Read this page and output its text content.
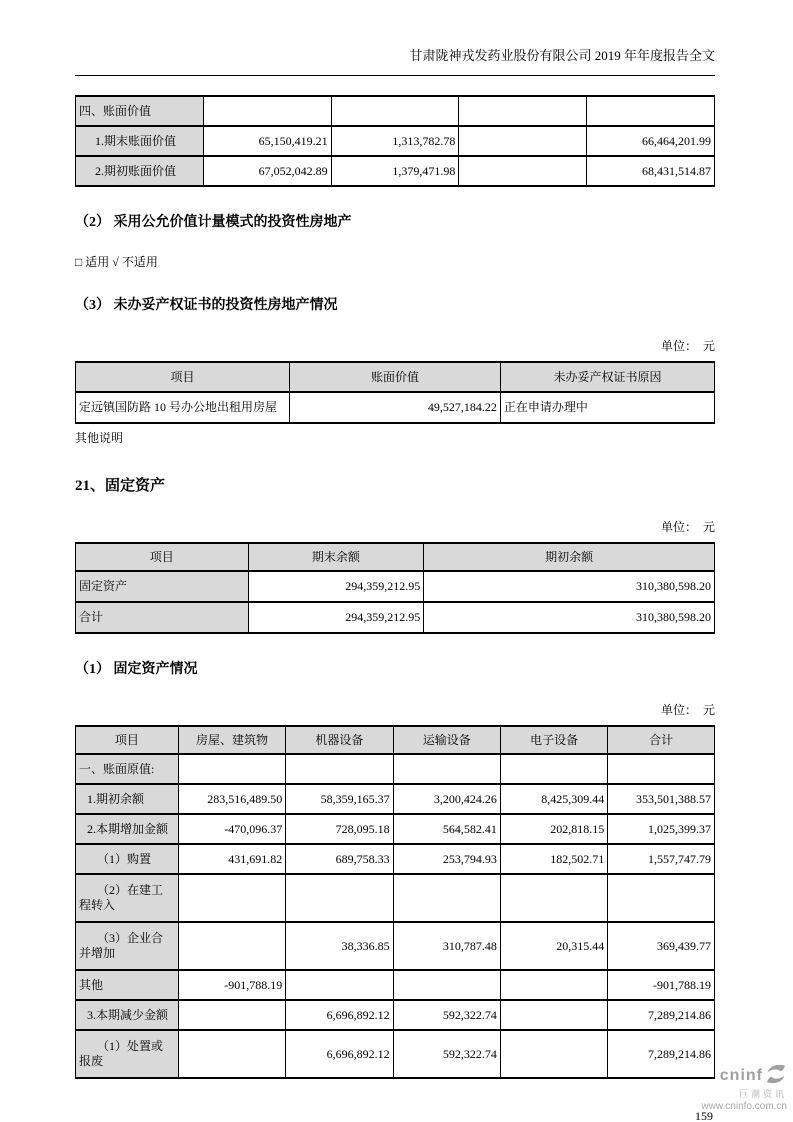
甘肃陇神戎发药业股份有限公司 2019 年年度报告全文
四、账面价值				
1.期末账面价值	65,150,419.21	1,313,782.78		66,464,201.99
2.期初账面价值	67,052,042.89	1,379,471.98		68,431,514.87
（2） 采用公允价值计量模式的投资性房地产
□ 适用 √ 不适用
（3） 未办妥产权证书的投资性房地产情况
单位：  元
项目	账面价值	未办妥产权证书原因
定远镇国防路 10 号办公地出租用房屋	49,527,184.22	正在申请办理中
其他说明
21、固定资产
单位：  元
项目	期末余额	期初余额
固定资产	294,359,212.95	310,380,598.20
合计	294,359,212.95	310,380,598.20
（1） 固定资产情况
单位：  元
项目	房屋、建筑物	机器设备	运输设备	电子设备	合计
一、账面原值:					
1.期初余额	283,516,489.50	58,359,165.37	3,200,424.26	8,425,309.44	353,501,388.57
2.本期增加金额	-470,096.37	728,095.18	564,582.41	202,818.15	1,025,399.37
（1）购置	431,691.82	689,758.33	253,794.93	182,502.71	1,557,747.79
（2）在建工程转入					
（3）企业合并增加		38,336.85	310,787.48	20,315.44	369,439.77
其他	-901,788.19				-901,788.19
3.本期减少金额		6,696,892.12	592,322.74		7,289,214.86
（1）处置或报废		6,696,892.12	592,322.74		7,289,214.86
159
cninf
巨潮资讯
www.cninfo.com.cn
